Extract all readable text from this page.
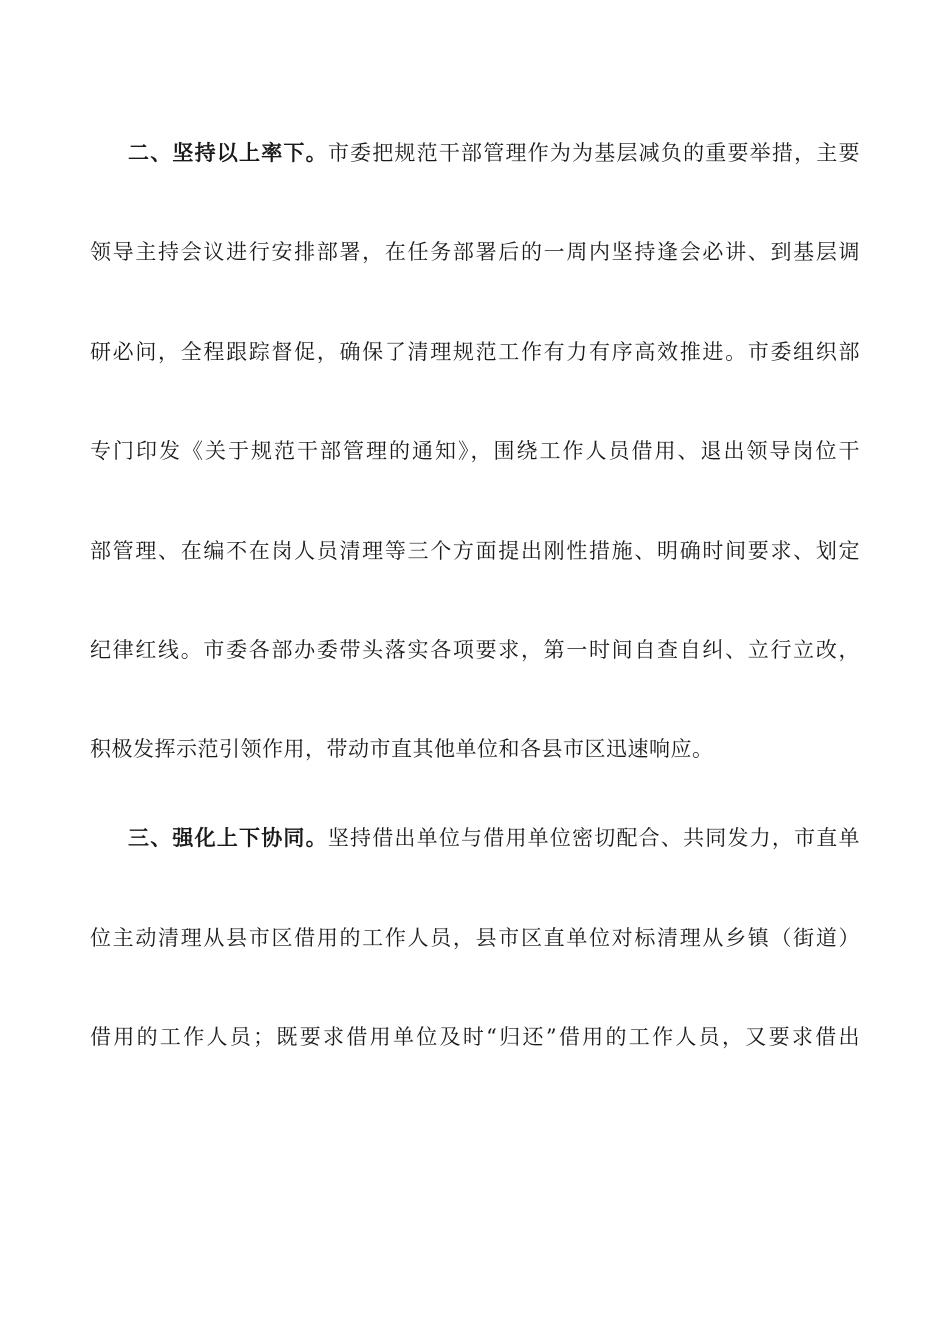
二、坚持以上率下。市委把规范干部管理作为为基层减负的重要举措，主要
领导主持会议进行安排部署，在任务部署后的一周内坚持逢会必讲、到基层调
研必问，全程跟踪督促，确保了清理规范工作有力有序高效推进。市委组织部
专门印发《关于规范干部管理的通知》，围绕工作人员借用、退出领导岗位干
部管理、在编不在岗人员清理等三个方面提出刚性措施、明确时间要求、划定
纪律红线。市委各部办委带头落实各项要求，第一时间自查自纠、立行立改，
积极发挥示范引领作用，带动市直其他单位和各县市区迅速响应。
三、强化上下协同。坚持借出单位与借用单位密切配合、共同发力，市直单
位主动清理从县市区借用的工作人员，县市区直单位对标清理从乡镇（街道）
借用的工作人员；既要求借用单位及时“归还”借用的工作人员，又要求借出
